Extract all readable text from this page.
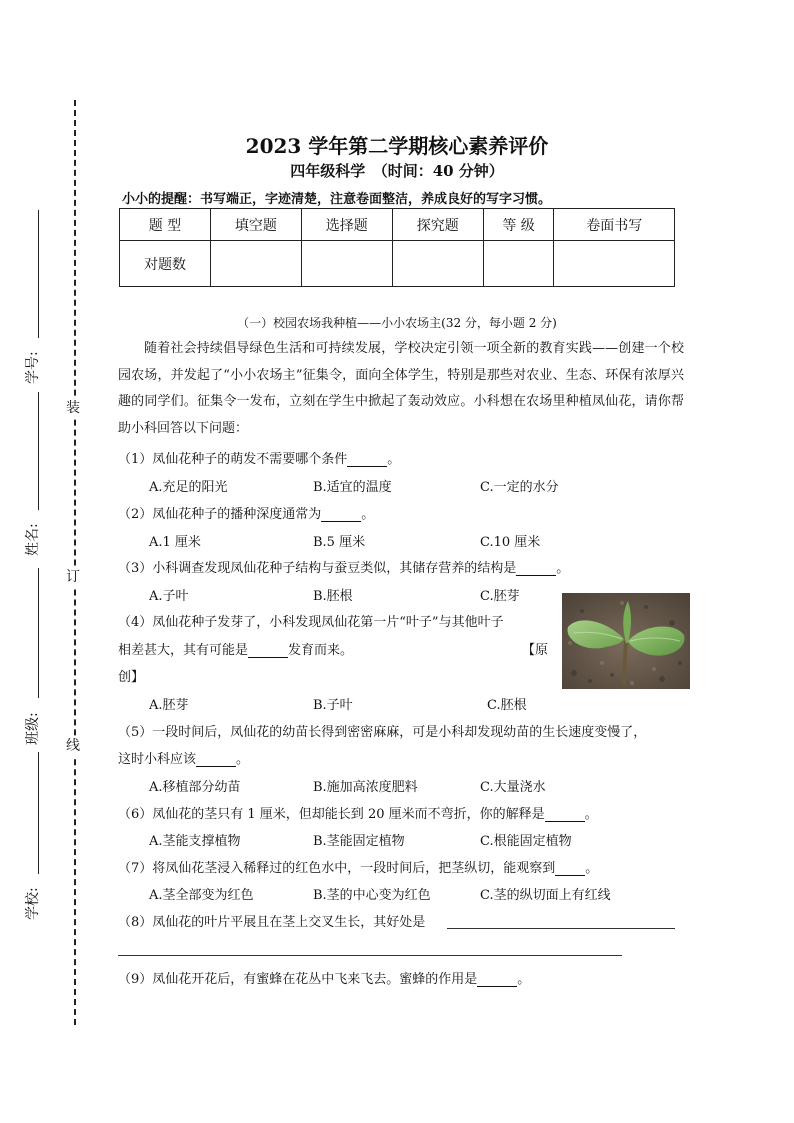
装
订
线
学号:
姓名:
班级:
学校:
2023 学年第二学期核心素养评价
四年级科学　（时间：40 分钟）
小小的提醒：书写端正，字迹清楚，注意卷面整洁，养成良好的写字习惯。
题 型	填空题	选择题	探究题	等 级	卷面书写
对题数					
（一）校园农场我种植——小小农场主(32 分，每小题 2 分)
随着社会持续倡导绿色生活和可持续发展，学校决定引领一项全新的教育实践——创建一个校园农场，并发起了“小小农场主”征集令，面向全体学生，特别是那些对农业、生态、环保有浓厚兴趣的同学们。征集令一发布，立刻在学生中掀起了轰动效应。小科想在农场里种植凤仙花，请你帮助小科回答以下问题：
（1）凤仙花种子的萌发不需要哪个条件	。
A.充足的阳光	B.适宜的温度	C.一定的水分
（2）凤仙花种子的播种深度通常为	。
A.1 厘米	B.5 厘米	C.10 厘米
（3）小科调查发现凤仙花种子结构与蚕豆类似，其储存营养的结构是	。
A.子叶	B.胚根	C.胚芽
（4）凤仙花种子发芽了，小科发现凤仙花第一片“叶子”与其他叶子
相差甚大，其有可能是	发育而来。	【原
创】
A.胚芽	B.子叶	C.胚根
（5）一段时间后，凤仙花的幼苗长得到密密麻麻，可是小科却发现幼苗的生长速度变慢了，
这时小科应该	。
A.移植部分幼苗	B.施加高浓度肥料	C.大量浇水
（6）凤仙花的茎只有 1 厘米，但却能长到 20 厘米而不弯折，你的解释是	。
A.茎能支撑植物	B.茎能固定植物	C.根能固定植物
（7）将凤仙花茎浸入稀释过的红色水中，一段时间后，把茎纵切，能观察到 。
A.茎全部变为红色	B.茎的中心变为红色	C.茎的纵切面上有红线
（8）凤仙花的叶片平展且在茎上交叉生长，其好处是
（9）凤仙花开花后，有蜜蜂在花丛中飞来飞去。蜜蜂的作用是	。
